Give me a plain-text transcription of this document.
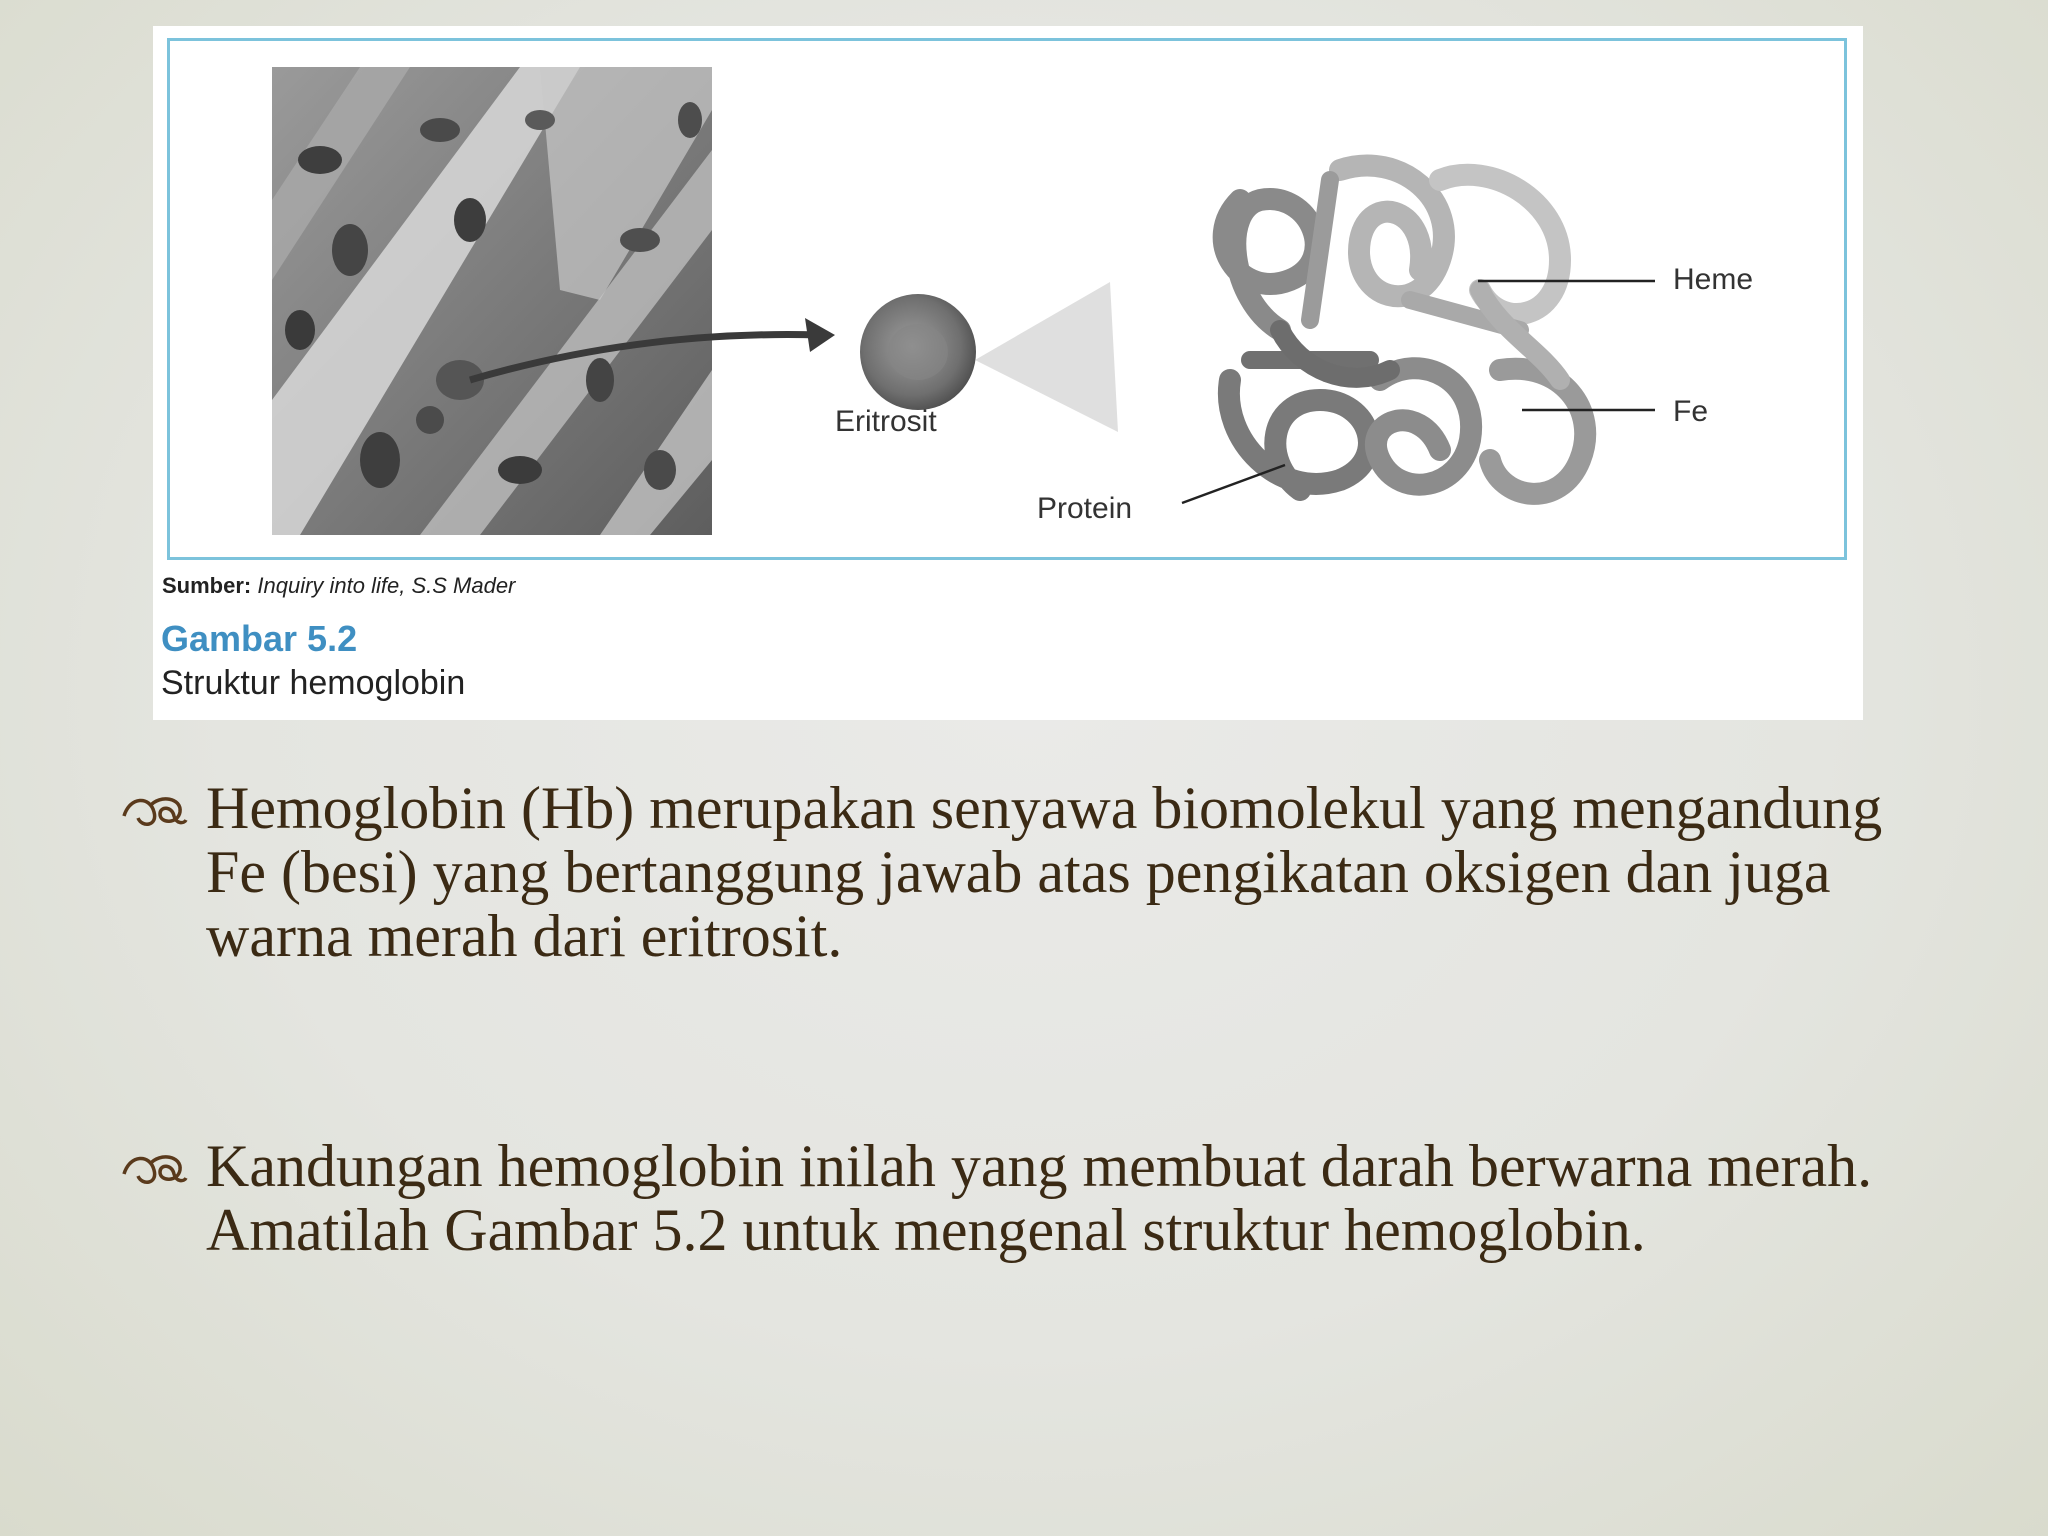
Eritrosit
Protein
Heme
Fe
Sumber: Inquiry into life, S.S Mader
Gambar 5.2
Struktur hemoglobin
Hemoglobin (Hb) merupakan senyawa biomolekul yang mengandung Fe (besi) yang bertanggung jawab atas pengikatan oksigen dan juga warna merah dari eritrosit.
Kandungan hemoglobin inilah yang membuat darah berwarna merah. Amatilah Gambar 5.2 untuk mengenal struktur hemoglobin.
